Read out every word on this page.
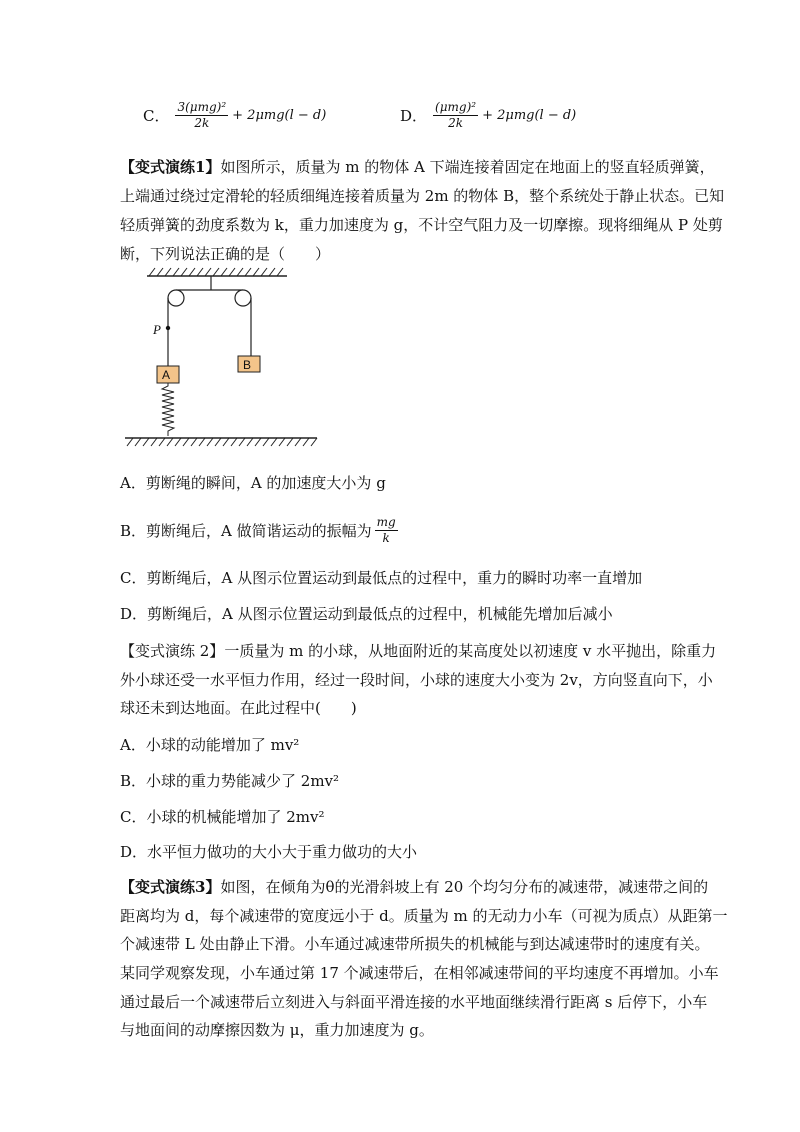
C． $\frac{\text{3(μmg)²}}{2k} + 2\mu mg(l - d)$	D． $\frac{\text{(μmg)²}}{2k} + 2\mu mg(l - d)$
【变式演练1】如图所示，质量为 m 的物体 A 下端连接着固定在地面上的竖直轻质弹簧，
上端通过绕过定滑轮的轻质细绳连接着质量为 2m 的物体 B，整个系统处于静止状态。已知
轻质弹簧的劲度系数为 k，重力加速度为 g，不计空气阻力及一切摩擦。现将细绳从 P 处剪
断，下列说法正确的是（　　）
P
B
A
A．剪断绳的瞬间，A 的加速度大小为 g
B．剪断绳后，A 做简谐运动的振幅为 $\frac{mg}{k}$
C．剪断绳后，A 从图示位置运动到最低点的过程中，重力的瞬时功率一直增加
D．剪断绳后，A 从图示位置运动到最低点的过程中，机械能先增加后减小
【变式演练 2】一质量为 m 的小球，从地面附近的某高度处以初速度 v 水平抛出，除重力
外小球还受一水平恒力作用，经过一段时间，小球的速度大小变为 2v，方向竖直向下，小
球还未到达地面。在此过程中(　　)
A．小球的动能增加了 mv²
B．小球的重力势能减少了 2mv²
C．小球的机械能增加了 2mv²
D．水平恒力做功的大小大于重力做功的大小
【变式演练3】如图，在倾角为θ的光滑斜坡上有 20 个均匀分布的减速带，减速带之间的
距离均为 d，每个减速带的宽度远小于 d。质量为 m 的无动力小车（可视为质点）从距第一
个减速带 L 处由静止下滑。小车通过减速带所损失的机械能与到达减速带时的速度有关。
某同学观察发现，小车通过第 17 个减速带后，在相邻减速带间的平均速度不再增加。小车
通过最后一个减速带后立刻进入与斜面平滑连接的水平地面继续滑行距离 s 后停下，小车
与地面间的动摩擦因数为 μ，重力加速度为 g。
